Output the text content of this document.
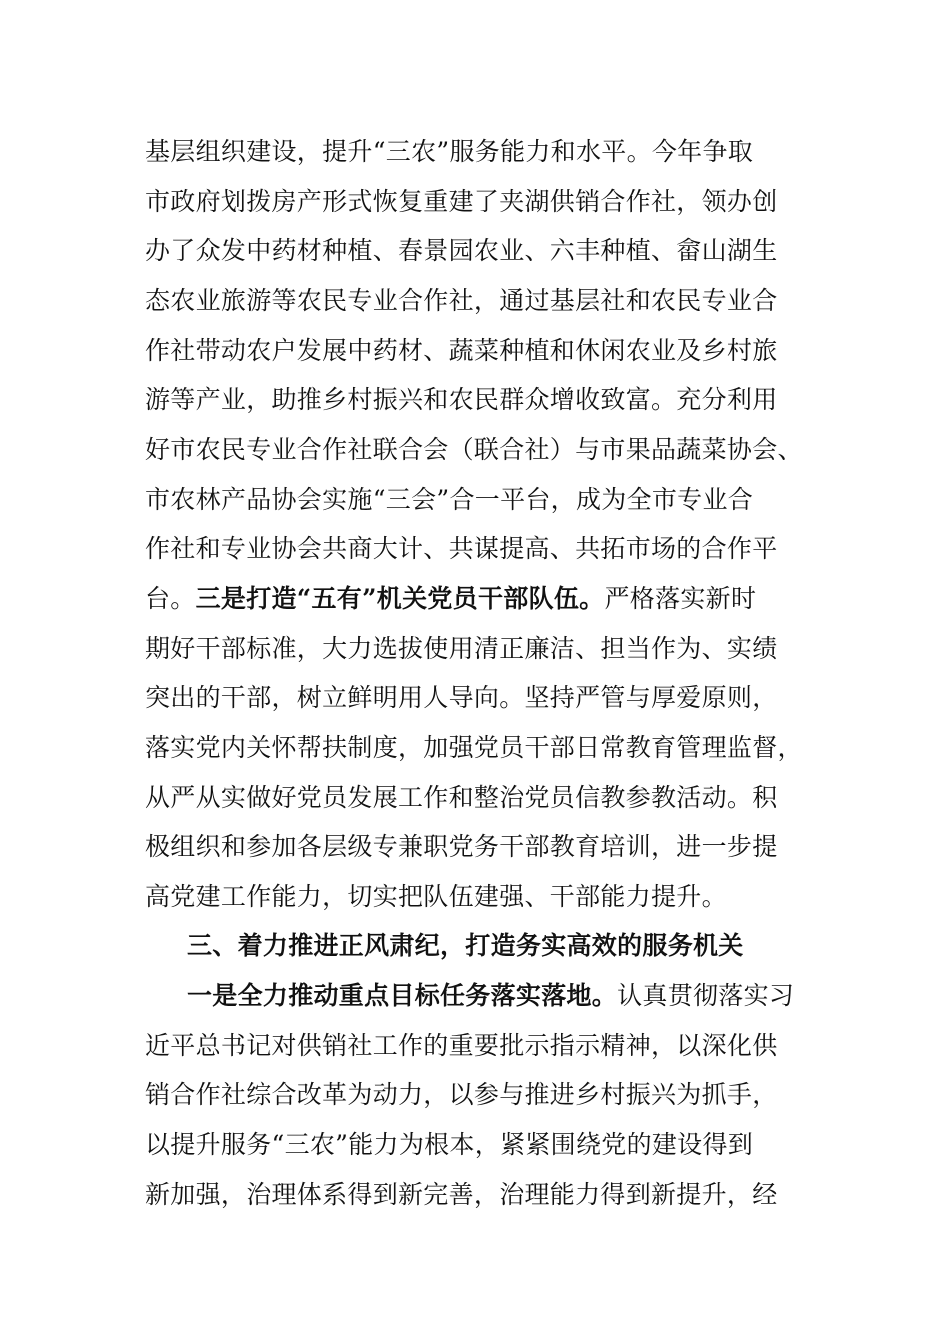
基层组织建设，提升“三农”服务能力和水平。今年争取
市政府划拨房产形式恢复重建了夹湖供销合作社，领办创
办了众发中药材种植、春景园农业、六丰种植、畲山湖生
态农业旅游等农民专业合作社，通过基层社和农民专业合
作社带动农户发展中药材、蔬菜种植和休闲农业及乡村旅
游等产业，助推乡村振兴和农民群众增收致富。充分利用
好市农民专业合作社联合会（联合社）与市果品蔬菜协会、
市农林产品协会实施“三会”合一平台，成为全市专业合
作社和专业协会共商大计、共谋提高、共拓市场的合作平
台。三是打造“五有”机关党员干部队伍。严格落实新时
期好干部标准，大力选拔使用清正廉洁、担当作为、实绩
突出的干部，树立鲜明用人导向。坚持严管与厚爱原则，
落实党内关怀帮扶制度，加强党员干部日常教育管理监督，
从严从实做好党员发展工作和整治党员信教参教活动。积
极组织和参加各层级专兼职党务干部教育培训，进一步提
高党建工作能力，切实把队伍建强、干部能力提升。
三、着力推进正风肃纪，打造务实高效的服务机关
一是全力推动重点目标任务落实落地。认真贯彻落实习
近平总书记对供销社工作的重要批示指示精神，以深化供
销合作社综合改革为动力，以参与推进乡村振兴为抓手，
以提升服务“三农”能力为根本，紧紧围绕党的建设得到
新加强，治理体系得到新完善，治理能力得到新提升，经
